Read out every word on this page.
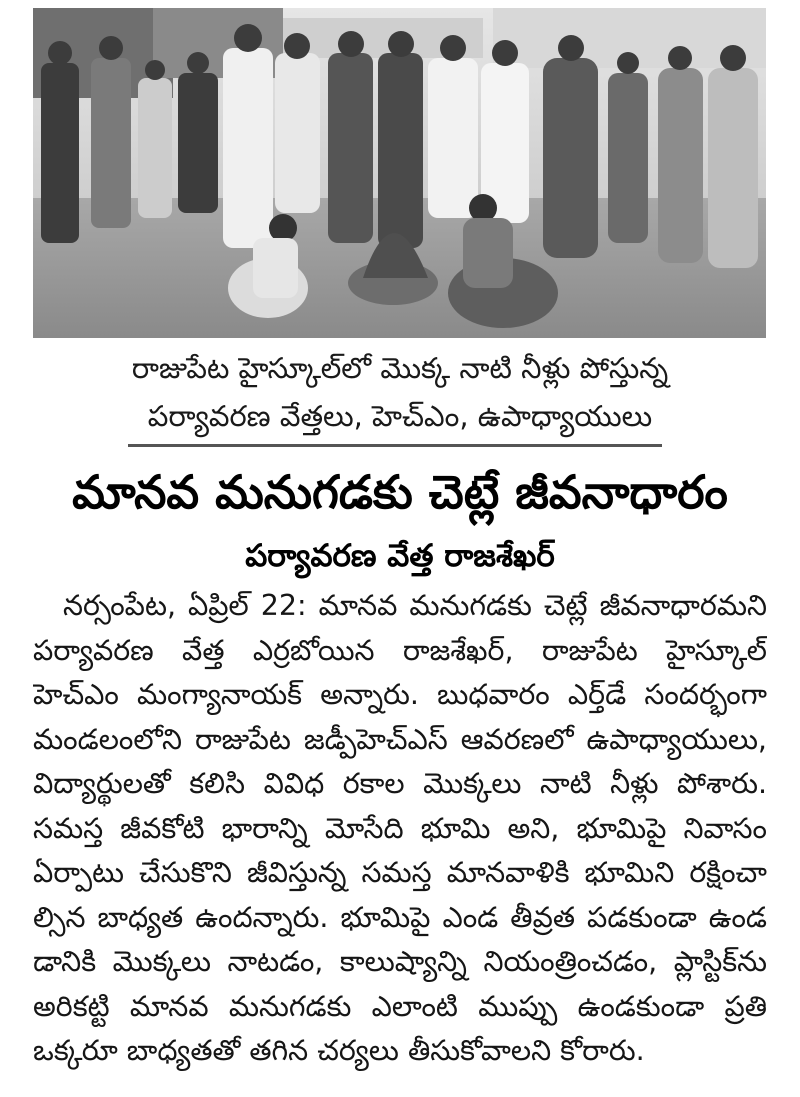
రాజుపేట హైస్కూల్‌లో మొక్క నాటి నీళ్లు పోస్తున్న
పర్యావరణ వేత్తలు, హెచ్‌ఎం, ఉపాధ్యాయులు
మానవ మనుగడకు చెట్లే జీవనాధారం
పర్యావరణ వేత్త రాజశేఖర్
నర్సంపేట, ఏప్రిల్ 22: మానవ మనుగడకు చెట్లే జీవనాధారమని
పర్యావరణ వేత్త ఎర్రబోయిన రాజశేఖర్, రాజుపేట హైస్కూల్
హెచ్‌ఎం మంగ్యానాయక్ అన్నారు. బుధవారం ఎర్త్‌డే సందర్భంగా
మండలంలోని రాజుపేట జడ్పీహెచ్‌ఎస్ ఆవరణలో ఉపాధ్యాయులు,
విద్యార్థులతో కలిసి వివిధ రకాల మొక్కలు నాటి నీళ్లు పోశారు.
సమస్త జీవకోటి భారాన్ని మోసేది భూమి అని, భూమిపై నివాసం
ఏర్పాటు చేసుకొని జీవిస్తున్న సమస్త మానవాళికి భూమిని రక్షించా
ల్సిన బాధ్యత ఉందన్నారు. భూమిపై ఎండ తీవ్రత పడకుండా ఉండ
డానికి మొక్కలు నాటడం, కాలుష్యాన్ని నియంత్రించడం, ప్లాస్టిక్‌ను
అరికట్టి మానవ మనుగడకు ఎలాంటి ముప్పు ఉండకుండా ప్రతి
ఒక్కరూ బాధ్యతతో తగిన చర్యలు తీసుకోవాలని కోరారు.
